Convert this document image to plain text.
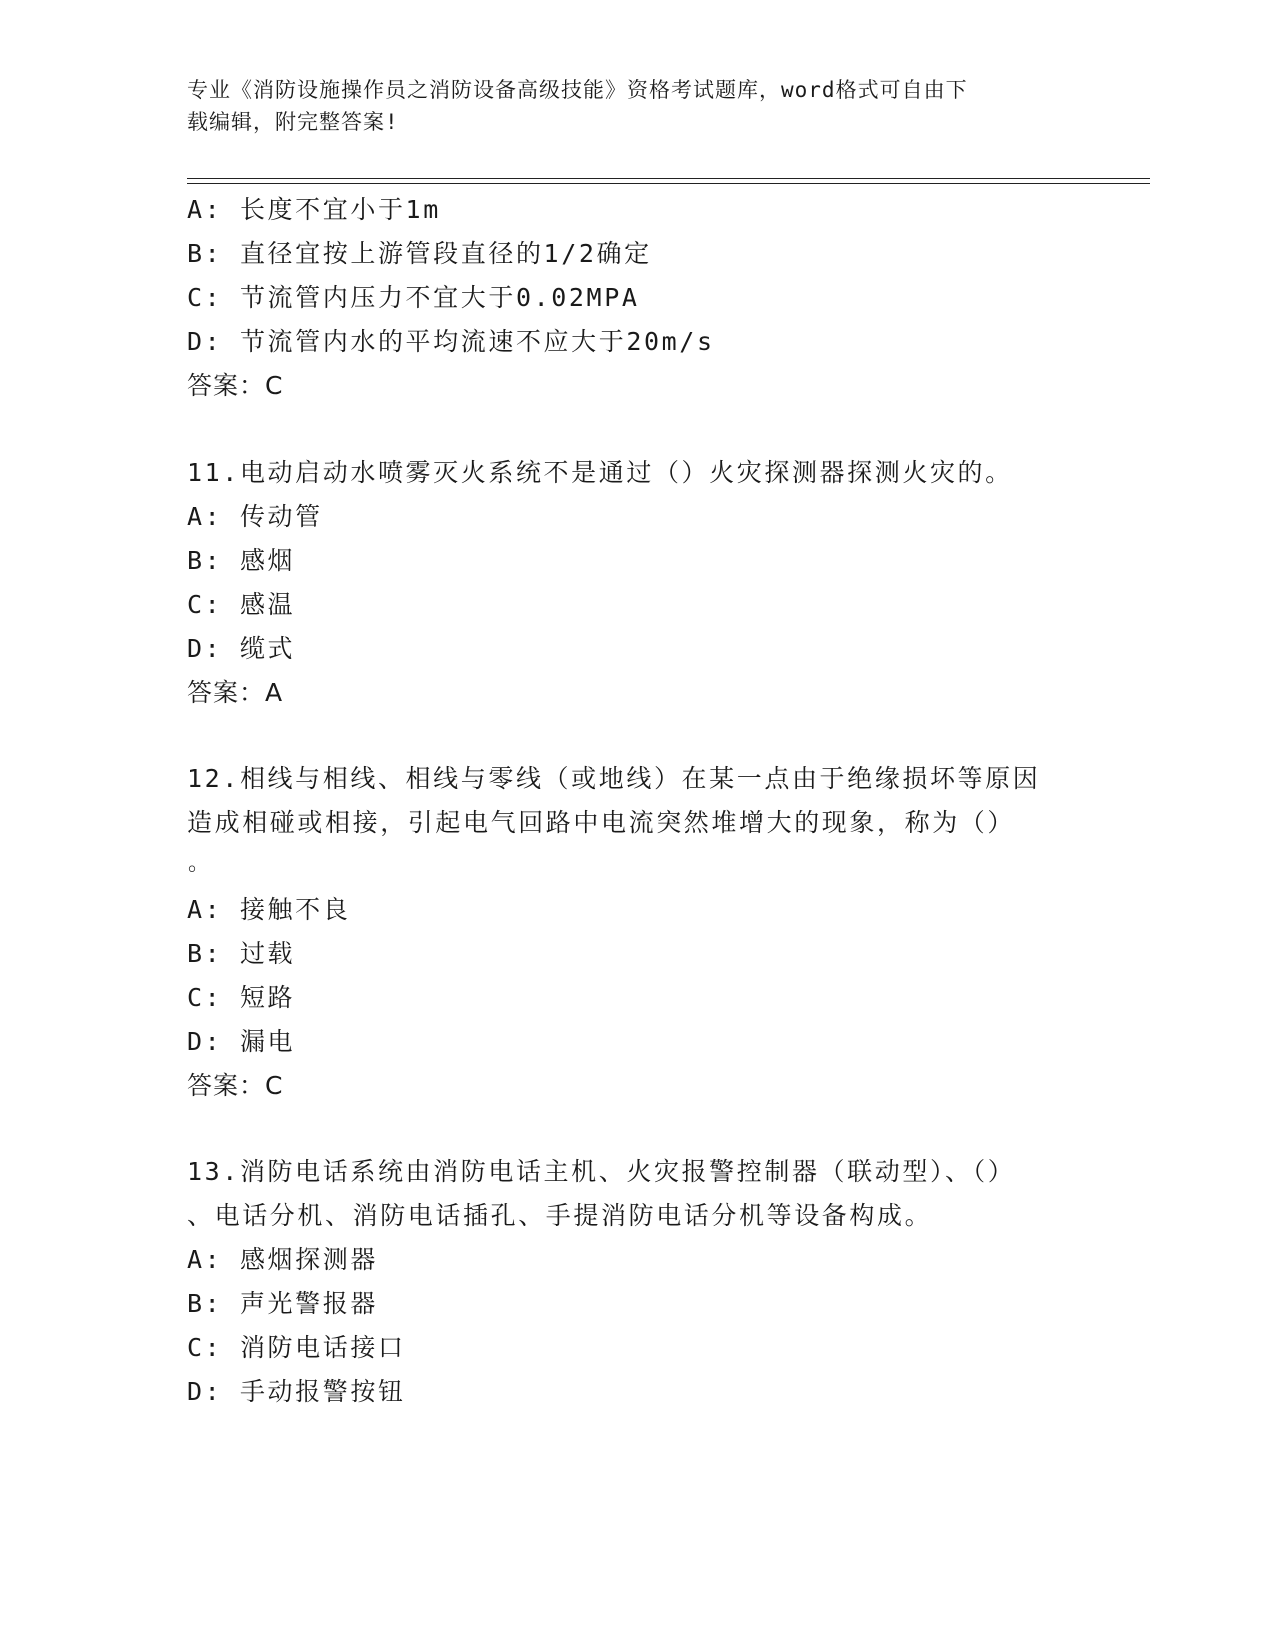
专业《消防设施操作员之消防设备高级技能》资格考试题库，word格式可自由下
载编辑，附完整答案!
A: 长度不宜小于1m
B: 直径宜按上游管段直径的1/2确定
C: 节流管内压力不宜大于0.02MPA
D: 节流管内水的平均流速不应大于20m/s
答案：C
11.电动启动水喷雾灭火系统不是通过（）火灾探测器探测火灾的。
A: 传动管
B: 感烟
C: 感温
D: 缆式
答案：A
12.相线与相线、相线与零线（或地线）在某一点由于绝缘损坏等原因
造成相碰或相接，引起电气回路中电流突然堆增大的现象，称为（）
。
A: 接触不良
B: 过载
C: 短路
D: 漏电
答案：C
13.消防电话系统由消防电话主机、火灾报警控制器（联动型）、（）
、电话分机、消防电话插孔、手提消防电话分机等设备构成。
A: 感烟探测器
B: 声光警报器
C: 消防电话接口
D: 手动报警按钮
